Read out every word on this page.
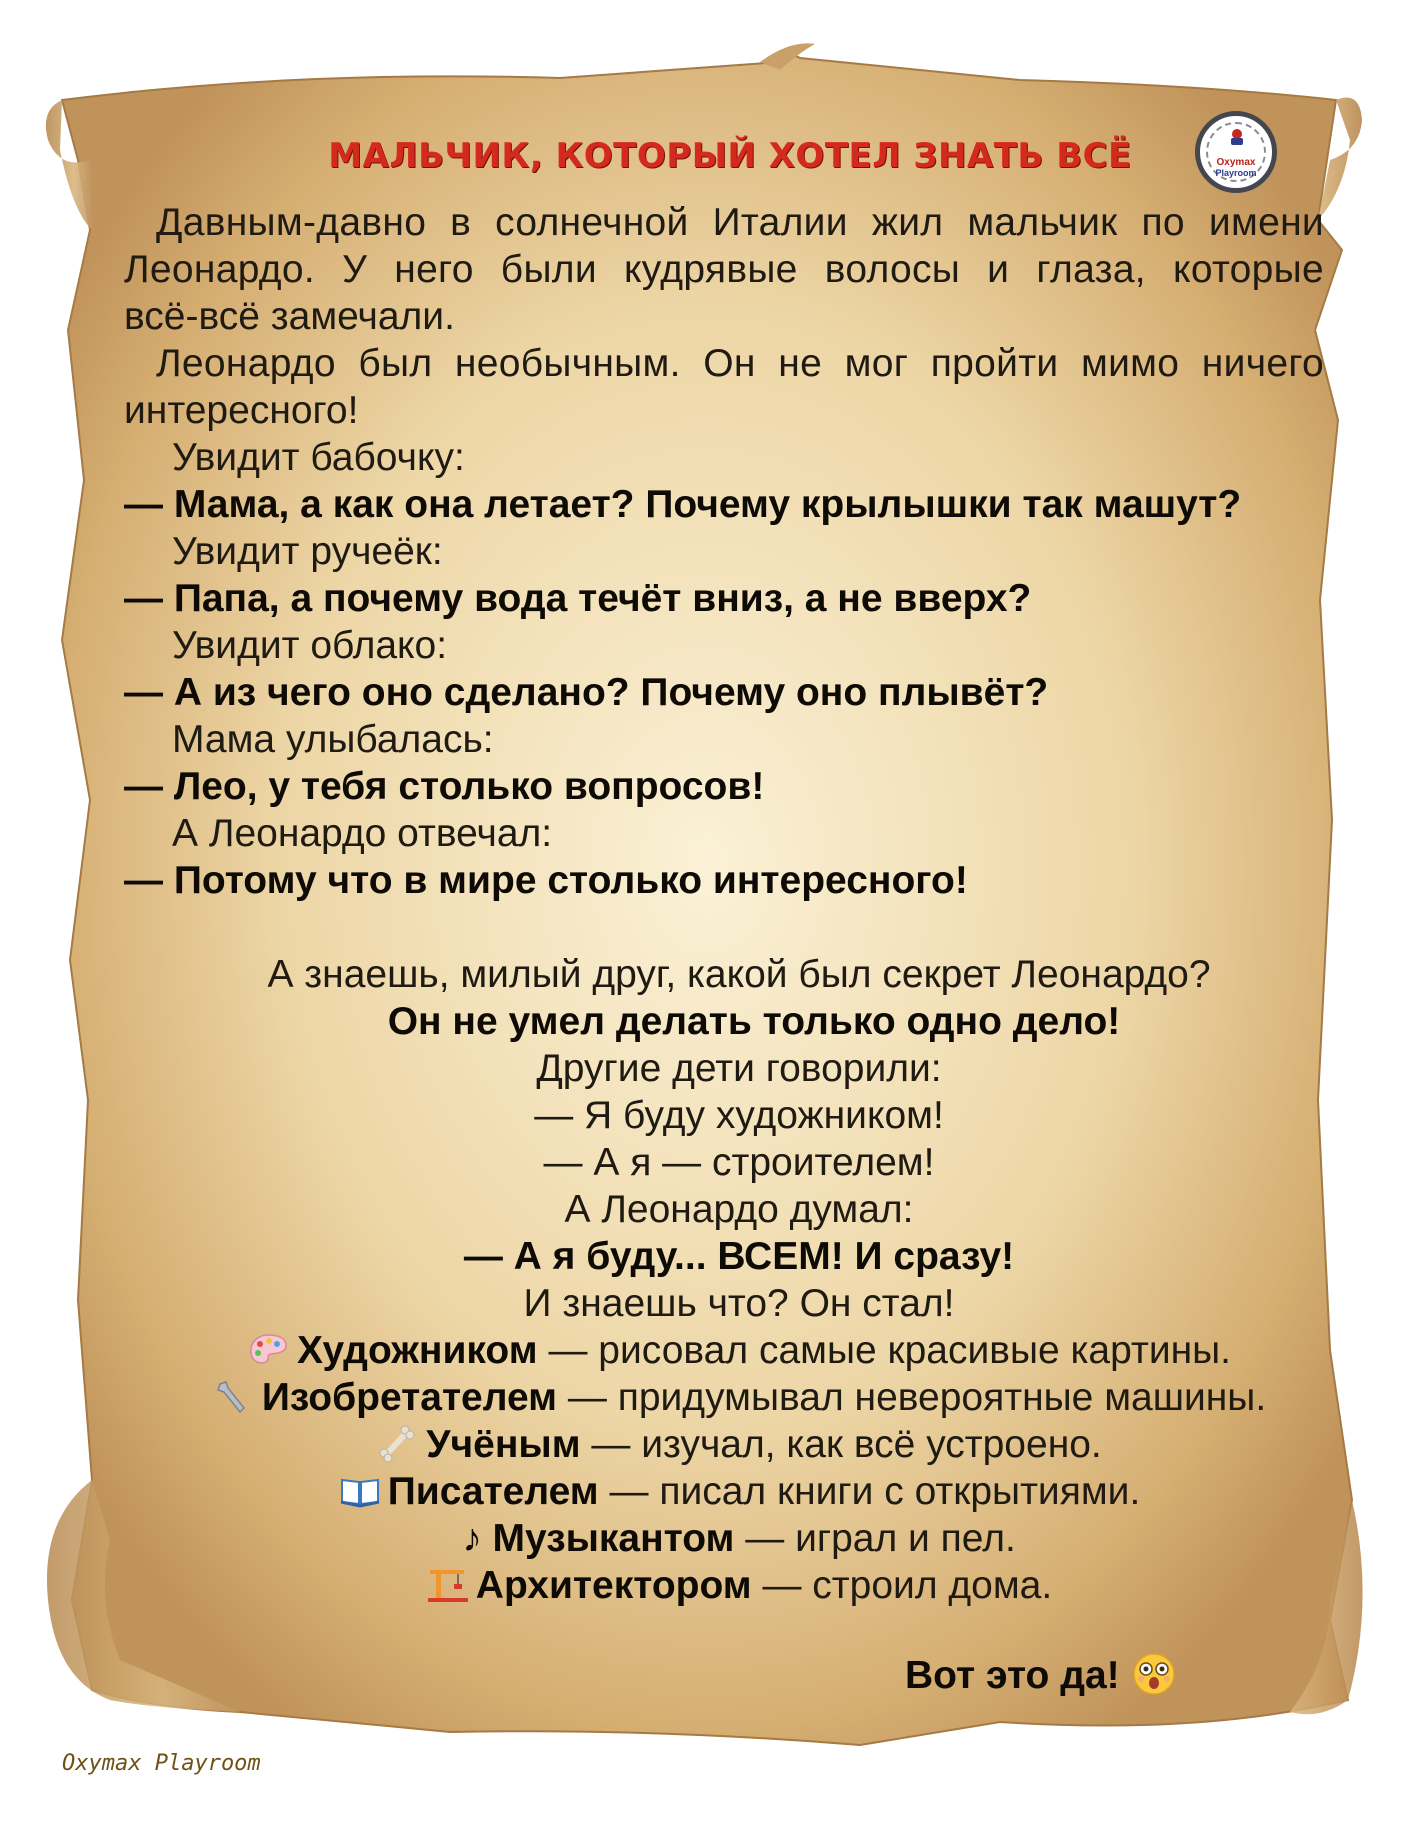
МАЛЬЧИК, КОТОРЫЙ ХОТЕЛ ЗНАТЬ ВСЁ	Oxymax
Playroom
Давным-давно в солнечной Италии жил мальчик по имени
Леонардо. У него были кудрявые волосы и глаза, которые
всё-всё замечали.
Леонардо был необычным. Он не мог пройти мимо ничего
интересного!
Увидит бабочку:
— Мама, а как она летает? Почему крылышки так машут?
Увидит ручеёк:
— Папа, а почему вода течёт вниз, а не вверх?
Увидит облако:
— А из чего оно сделано? Почему оно плывёт?
Мама улыбалась:
— Лео, у тебя столько вопросов!
А Леонардо отвечал:
— Потому что в мире столько интересного!
А знаешь, милый друг, какой был секрет Леонардо?
Он не умел делать только одно дело!
Другие дети говорили:
— Я буду художником!
— А я — строителем!
А Леонардо думал:
— А я буду... ВСЕМ! И сразу!
И знаешь что? Он стал!
Художником — рисовал самые красивые картины.
Изобретателем — придумывал невероятные машины.
Учёным — изучал, как всё устроено.
Писателем — писал книги с открытиями.
♪ Музыкантом — играл и пел.
Архитектором — строил дома.
Вот это да!
Oxymax Playroom
